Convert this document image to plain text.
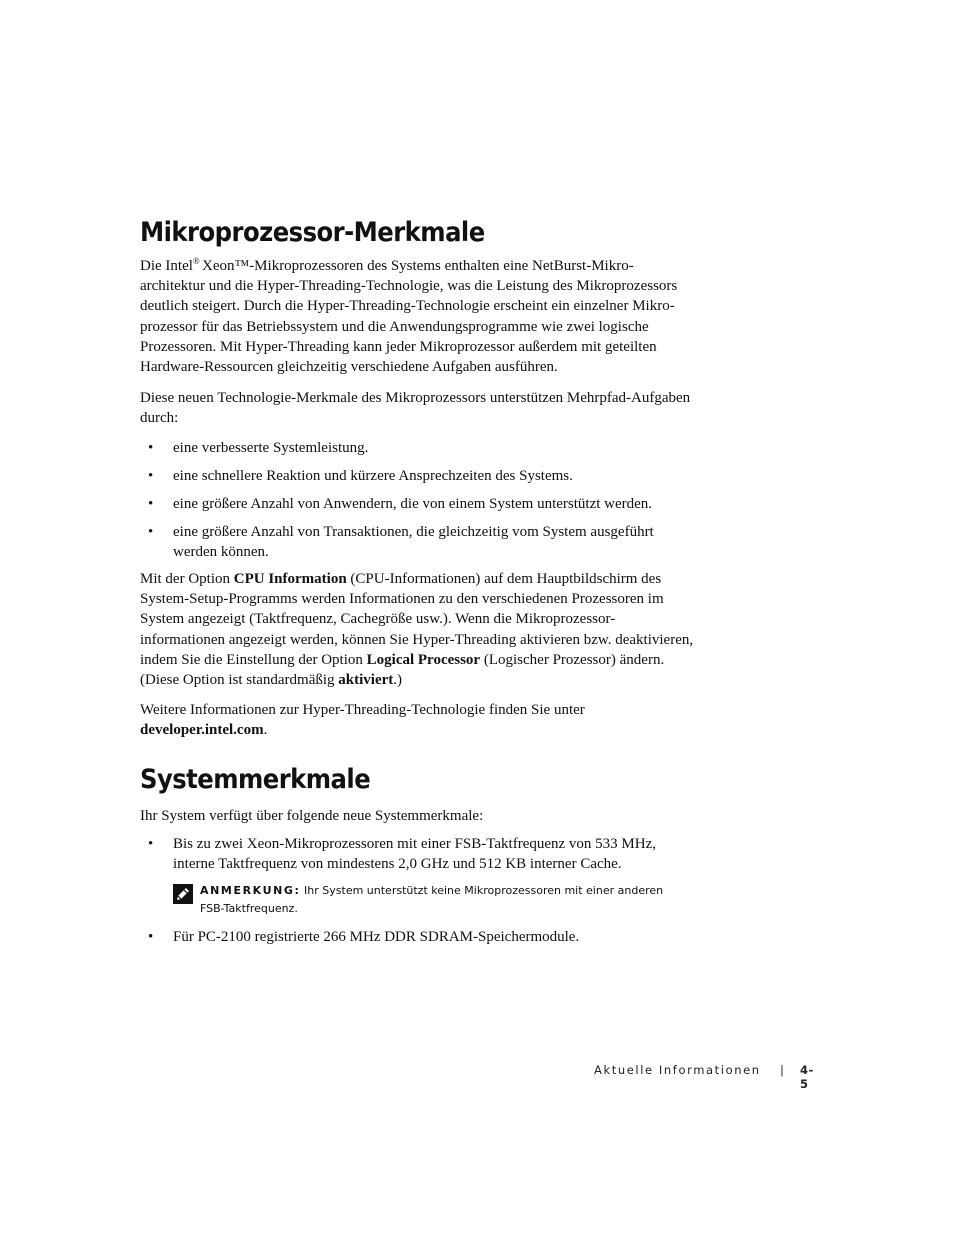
Mikroprozessor-Merkmale

Die Intel® Xeon™-Mikroprozessoren des Systems enthalten eine NetBurst-Mikro-
architektur und die Hyper-Threading-Technologie, was die Leistung des Mikroprozessors
deutlich steigert. Durch die Hyper-Threading-Technologie erscheint ein einzelner Mikro-
prozessor für das Betriebssystem und die Anwendungsprogramme wie zwei logische
Prozessoren. Mit Hyper-Threading kann jeder Mikroprozessor außerdem mit geteilten
Hardware-Ressourcen gleichzeitig verschiedene Aufgaben ausführen.

Diese neuen Technologie-Merkmale des Mikroprozessors unterstützen Mehrpfad-Aufgaben
durch:

• eine verbesserte Systemleistung.
• eine schnellere Reaktion und kürzere Ansprechzeiten des Systems.
• eine größere Anzahl von Anwendern, die von einem System unterstützt werden.
• eine größere Anzahl von Transaktionen, die gleichzeitig vom System ausgeführt
werden können.

Mit der Option CPU Information (CPU-Informationen) auf dem Hauptbildschirm des
System-Setup-Programms werden Informationen zu den verschiedenen Prozessoren im
System angezeigt (Taktfrequenz, Cachegröße usw.). Wenn die Mikroprozessor-
informationen angezeigt werden, können Sie Hyper-Threading aktivieren bzw. deaktivieren,
indem Sie die Einstellung der Option Logical Processor (Logischer Prozessor) ändern.
(Diese Option ist standardmäßig aktiviert.)

Weitere Informationen zur Hyper-Threading-Technologie finden Sie unter
developer.intel.com.

Systemmerkmale

Ihr System verfügt über folgende neue Systemmerkmale:

• Bis zu zwei Xeon-Mikroprozessoren mit einer FSB-Taktfrequenz von 533 MHz,
interne Taktfrequenz von mindestens 2,0 GHz und 512 KB interner Cache.
ANMERKUNG: Ihr System unterstützt keine Mikroprozessoren mit einer anderen
FSB-Taktfrequenz.
• Für PC-2100 registrierte 266 MHz DDR SDRAM-Speichermodule.
Aktuelle Informationen | 4-5
